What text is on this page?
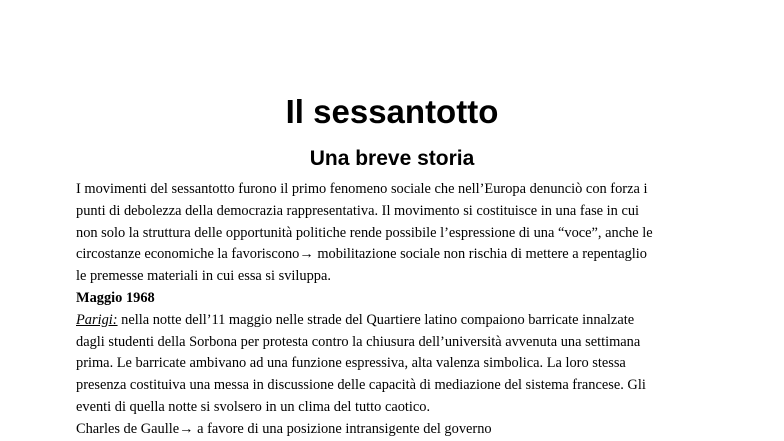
Il sessantotto
Una breve storia
I movimenti del sessantotto furono il primo fenomeno sociale che nell’Europa denunciò con forza i
punti di debolezza della democrazia rappresentativa. Il movimento si costituisce in una fase in cui
non solo la struttura delle opportunità politiche rende possibile l’espressione di una “voce”, anche le
circostanze economiche la favoriscono→ mobilitazione sociale non rischia di mettere a repentaglio
le premesse materiali in cui essa si sviluppa.
Maggio 1968
Parigi: nella notte dell’11 maggio nelle strade del Quartiere latino compaiono barricate innalzate
dagli studenti della Sorbona per protesta contro la chiusura dell’università avvenuta una settimana
prima. Le barricate ambivano ad una funzione espressiva, alta valenza simbolica. La loro stessa
presenza costituiva una messa in discussione delle capacità di mediazione del sistema francese. Gli
eventi di quella notte si svolsero in un clima del tutto caotico.
Charles de Gaulle→ a favore di una posizione intransigente del governo
